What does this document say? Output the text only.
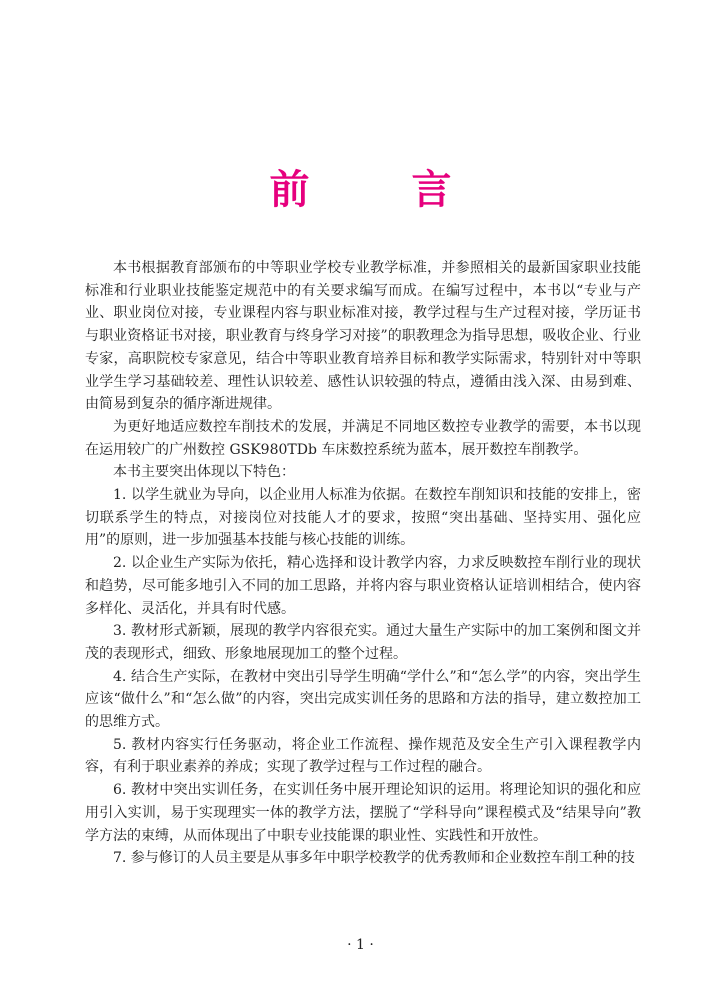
前 言

本书根据教育部颁布的中等职业学校专业教学标准，并参照相关的最新国家职业技能标准和行业职业技能鉴定规范中的有关要求编写而成。在编写过程中，本书以“专业与产业、职业岗位对接，专业课程内容与职业标准对接，教学过程与生产过程对接，学历证书与职业资格证书对接，职业教育与终身学习对接”的职教理念为指导思想，吸收企业、行业专家，高职院校专家意见，结合中等职业教育培养目标和教学实际需求，特别针对中等职业学生学习基础较差、理性认识较差、感性认识较强的特点，遵循由浅入深、由易到难、由简易到复杂的循序渐进规律。

为更好地适应数控车削技术的发展，并满足不同地区数控专业教学的需要，本书以现在运用较广的广州数控 GSK980TDb 车床数控系统为蓝本，展开数控车削教学。

本书主要突出体现以下特色：

1. 以学生就业为导向，以企业用人标准为依据。在数控车削知识和技能的安排上，密切联系学生的特点，对接岗位对技能人才的要求，按照“突出基础、坚持实用、强化应用”的原则，进一步加强基本技能与核心技能的训练。

2. 以企业生产实际为依托，精心选择和设计教学内容，力求反映数控车削行业的现状和趋势，尽可能多地引入不同的加工思路，并将内容与职业资格认证培训相结合，使内容多样化、灵活化，并具有时代感。

3. 教材形式新颖，展现的教学内容很充实。通过大量生产实际中的加工案例和图文并茂的表现形式，细致、形象地展现加工的整个过程。

4. 结合生产实际，在教材中突出引导学生明确“学什么”和“怎么学”的内容，突出学生应该“做什么”和“怎么做”的内容，突出完成实训任务的思路和方法的指导，建立数控加工的思维方式。

5. 教材内容实行任务驱动，将企业工作流程、操作规范及安全生产引入课程教学内容，有利于职业素养的养成；实现了教学过程与工作过程的融合。

6. 教材中突出实训任务，在实训任务中展开理论知识的运用。将理论知识的强化和应用引入实训，易于实现理实一体的教学方法，摆脱了“学科导向”课程模式及“结果导向”教学方法的束缚，从而体现出了中职专业技能课的职业性、实践性和开放性。

7. 参与修订的人员主要是从事多年中职学校教学的优秀教师和企业数控车削工种的技

· 1 ·
